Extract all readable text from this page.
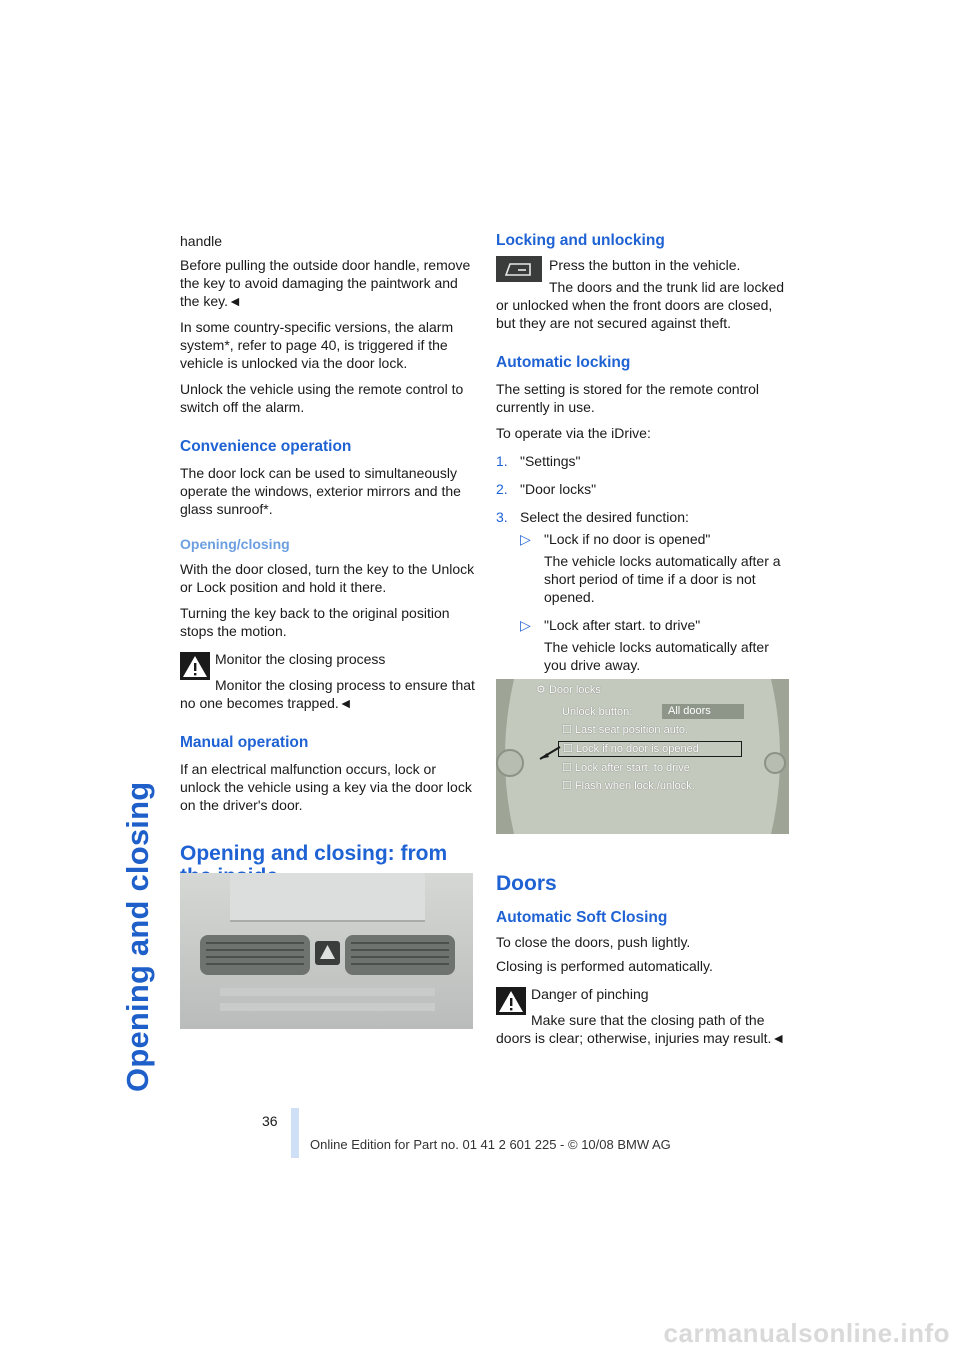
Opening and closing

handle

Before pulling the outside door handle, remove the key to avoid damaging the paintwork and the key.◄

In some country-specific versions, the alarm system*, refer to page 40, is triggered if the vehicle is unlocked via the door lock.

Unlock the vehicle using the remote control to switch off the alarm.

Convenience operation

The door lock can be used to simultaneously operate the windows, exterior mirrors and the glass sunroof*.

Opening/closing

With the door closed, turn the key to the Unlock or Lock position and hold it there.

Turning the key back to the original position stops the motion.

Monitor the closing process

Monitor the closing process to ensure that no one becomes trapped.◄

Manual operation

If an electrical malfunction occurs, lock or unlock the vehicle using a key via the door lock on the driver's door.

Opening and closing: from
Locking and unlocking

Press the button in the vehicle.

The doors and the trunk lid are locked or unlocked when the front doors are closed, but they are not secured against theft.

Automatic locking

The setting is stored for the remote control currently in use.

To operate via the iDrive:

1. "Settings"

2. "Door locks"

3. Select the desired function:

▷ "Lock if no door is opened"

The vehicle locks automatically after a short period of time if a door is not opened.

▷ "Lock after start. to drive"

The vehicle locks automatically after you drive away.

⚙ Door locks
Unlock button:	All doors
☐ Last seat position auto.
☐ Lock if no door is opened
☐ Lock after start. to drive
☐ Flash when lock./unlock.
Doors
Automatic Soft Closing

To close the doors, push lightly.

Closing is performed automatically.

Danger of pinching

Make sure that the closing path of the doors is clear; otherwise, injuries may result.◄

36
Online Edition for Part no. 01 41 2 601 225 - © 10/08 BMW AG
carmanualsonline.info
